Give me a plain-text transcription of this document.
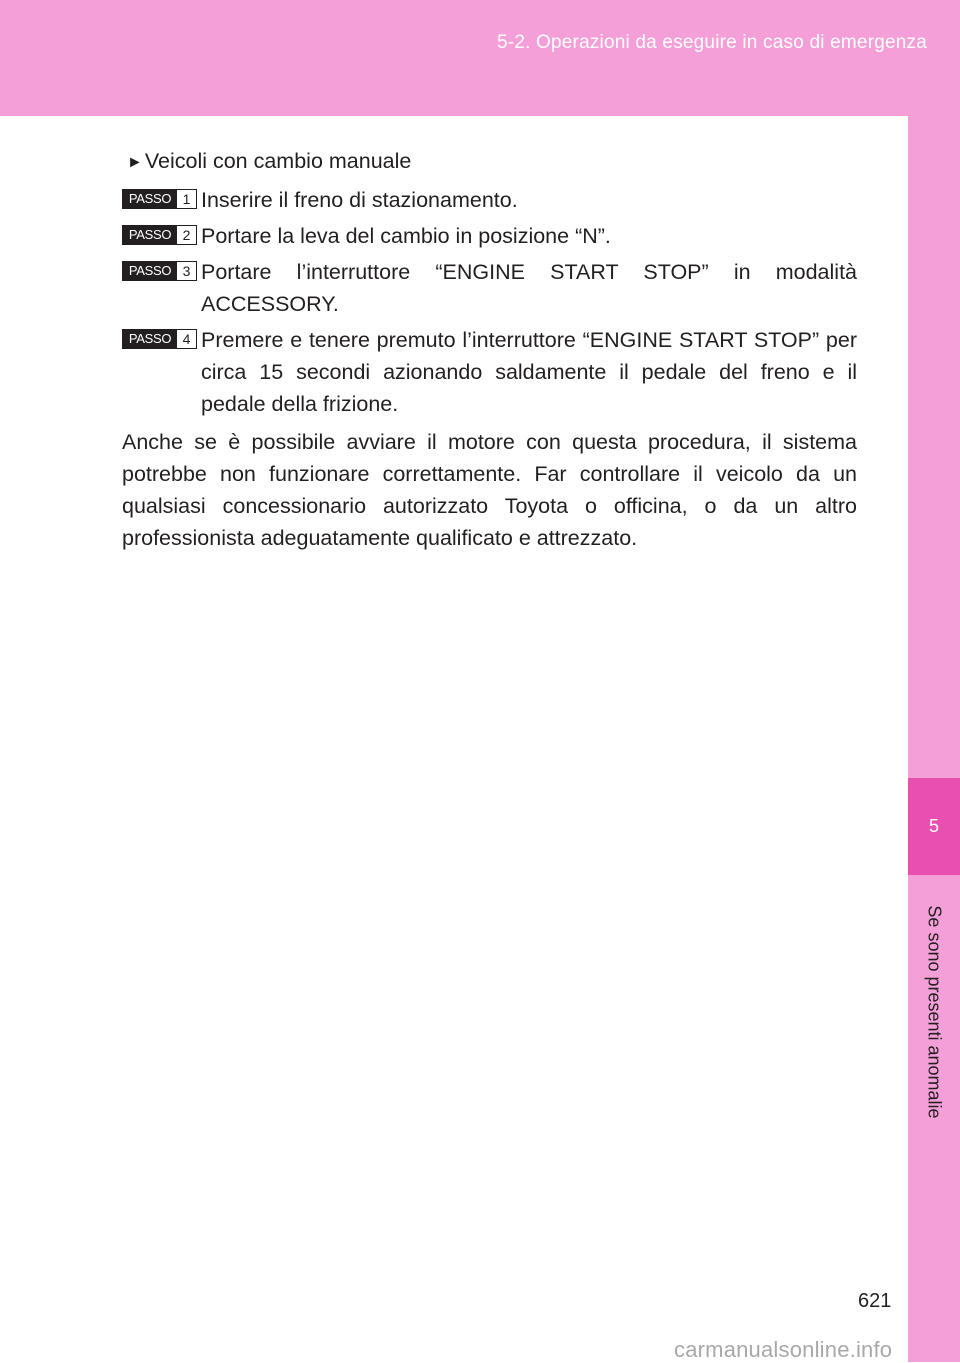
5-2. Operazioni da eseguire in caso di emergenza
5
Se sono presenti anomalie
►Veicoli con cambio manuale
PASSO 1 Inserire il freno di stazionamento.
PASSO 2 Portare la leva del cambio in posizione “N”.
PASSO 3 Portare l’interruttore “ENGINE START STOP” in modalità ACCESSORY.
PASSO 4 Premere e tenere premuto l’interruttore “ENGINE START STOP” per circa 15 secondi azionando saldamente il pedale del freno e il pedale della frizione.
Anche se è possibile avviare il motore con questa procedura, il sistema potrebbe non funzionare correttamente. Far controllare il veicolo da un qualsiasi concessionario autorizzato Toyota o officina, o da un altro professionista adeguatamente qualificato e attrezzato.
621
carmanualsonline.info
